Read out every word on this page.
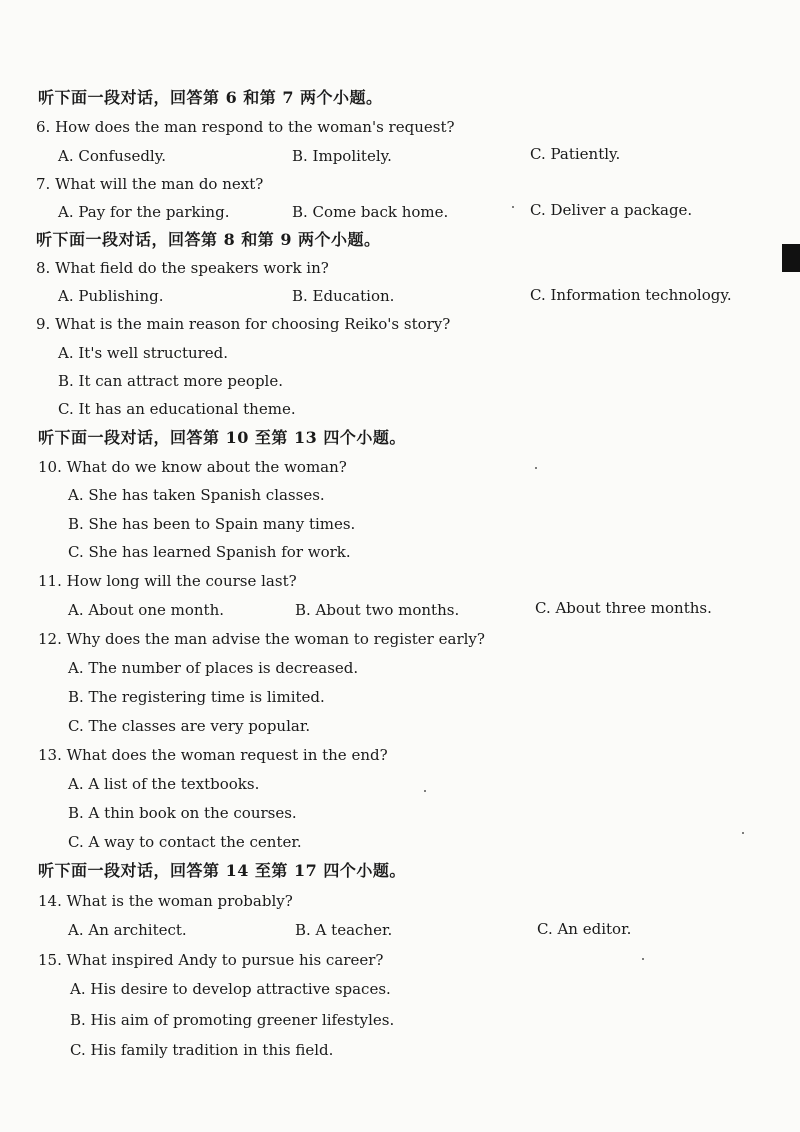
听下面一段对话，回答第 6 和第 7 两个小题。
6. How does the man respond to the woman's request?
A. Confusedly.	B. Impolitely.	C. Patiently.
7. What will the man do next?
A. Pay for the parking.	B. Come back home.	C. Deliver a package.
听下面一段对话，回答第 8 和第 9 两个小题。
8. What field do the speakers work in?
A. Publishing.	B. Education.	C. Information technology.
9. What is the main reason for choosing Reiko's story?
A. It's well structured.
B. It can attract more people.
C. It has an educational theme.
听下面一段对话，回答第 10 至第 13 四个小题。
10. What do we know about the woman?
A. She has taken Spanish classes.
B. She has been to Spain many times.
C. She has learned Spanish for work.
11. How long will the course last?
A. About one month.	B. About two months.	C. About three months.
12. Why does the man advise the woman to register early?
A. The number of places is decreased.
B. The registering time is limited.
C. The classes are very popular.
13. What does the woman request in the end?
A. A list of the textbooks.
B. A thin book on the courses.
C. A way to contact the center.
听下面一段对话，回答第 14 至第 17 四个小题。
14. What is the woman probably?
A. An architect.	B. A teacher.	C. An editor.
15. What inspired Andy to pursue his career?
A. His desire to develop attractive spaces.
B. His aim of promoting greener lifestyles.
C. His family tradition in this field.
